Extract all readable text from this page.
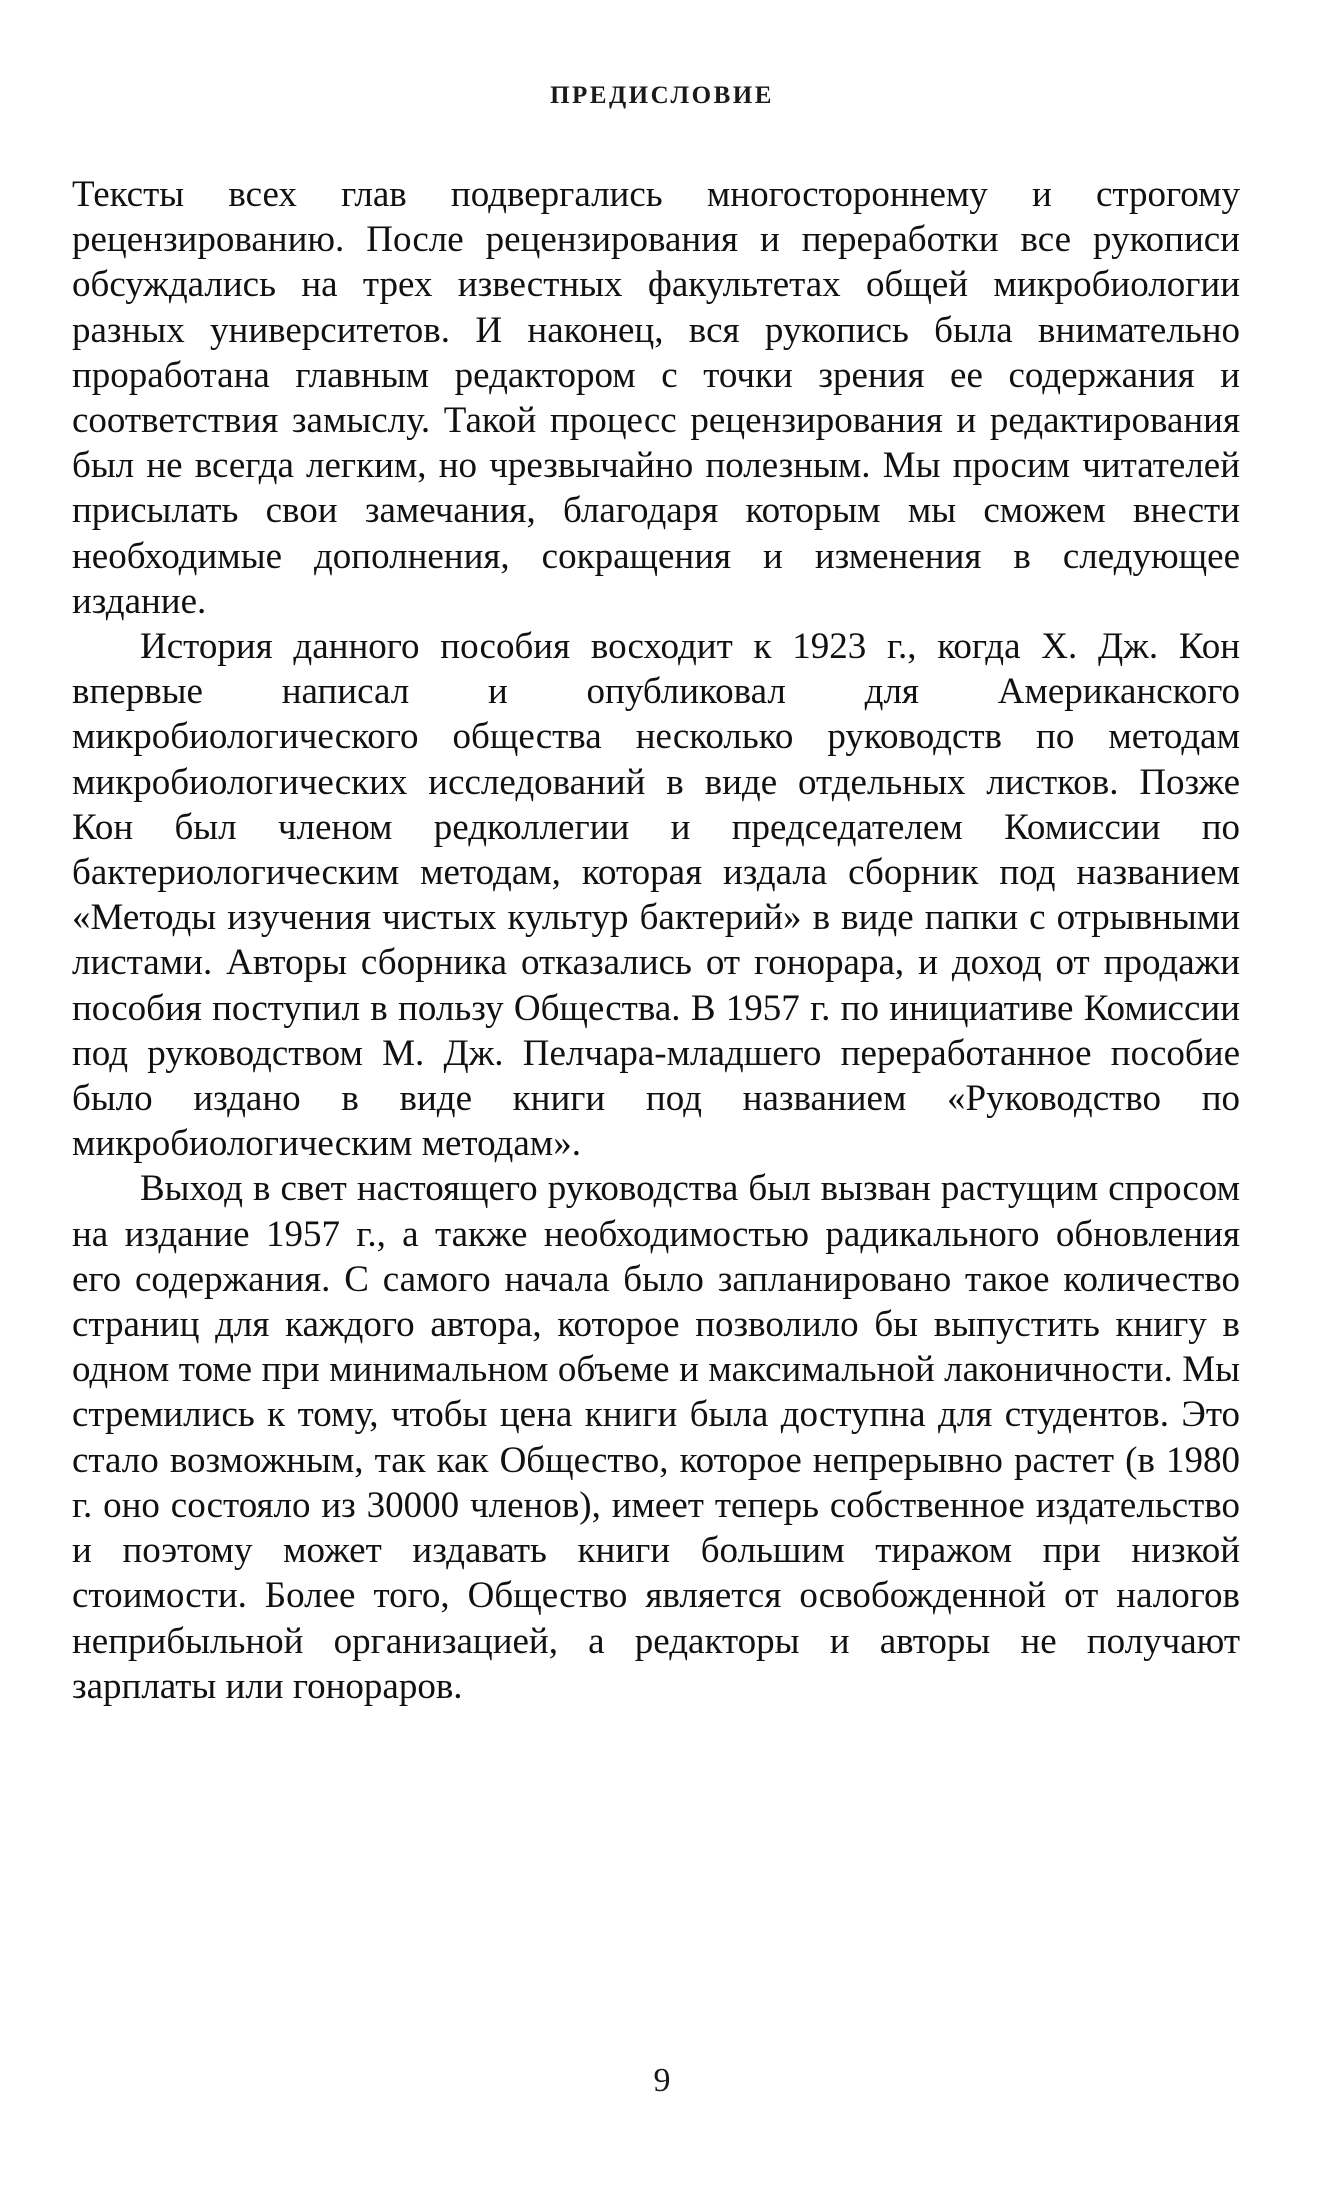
ПРЕДИСЛОВИЕ

Тексты всех глав подвергались многостороннему и строгому рецензированию. После рецензирования и переработки все рукописи обсуждались на трех известных факультетах общей микробиологии разных университетов. И наконец, вся рукопись была внимательно проработана главным редактором с точки зрения ее содержания и соответствия замыслу. Такой процесс рецензирования и редактирования был не всегда легким, но чрезвычайно полезным. Мы просим читателей присылать свои замечания, благодаря которым мы сможем внести необходимые дополнения, сокращения и изменения в следующее издание.

История данного пособия восходит к 1923 г., когда Х. Дж. Кон впервые написал и опубликовал для Американского микробиологического общества несколько руководств по методам микробиологических исследований в виде отдельных листков. Позже Кон был членом редколлегии и председателем Комиссии по бактериологическим методам, которая издала сборник под названием «Методы изучения чистых культур бактерий» в виде папки с отрывными листами. Авторы сборника отказались от гонорара, и доход от продажи пособия поступил в пользу Общества. В 1957 г. по инициативе Комиссии под руководством М. Дж. Пелчара-младшего переработанное пособие было издано в виде книги под названием «Руководство по микробиологическим методам».

Выход в свет настоящего руководства был вызван растущим спросом на издание 1957 г., а также необходимостью радикального обновления его содержания. С самого начала было запланировано такое количество страниц для каждого автора, которое позволило бы выпустить книгу в одном томе при минимальном объеме и максимальной лаконичности. Мы стремились к тому, чтобы цена книги была доступна для студентов. Это стало возможным, так как Общество, которое непрерывно растет (в 1980 г. оно состояло из 30000 членов), имеет теперь собственное издательство и поэтому может издавать книги большим тиражом при низкой стоимости. Более того, Общество является освобожденной от налогов неприбыльной организацией, а редакторы и авторы не получают зарплаты или гонораров.

9
